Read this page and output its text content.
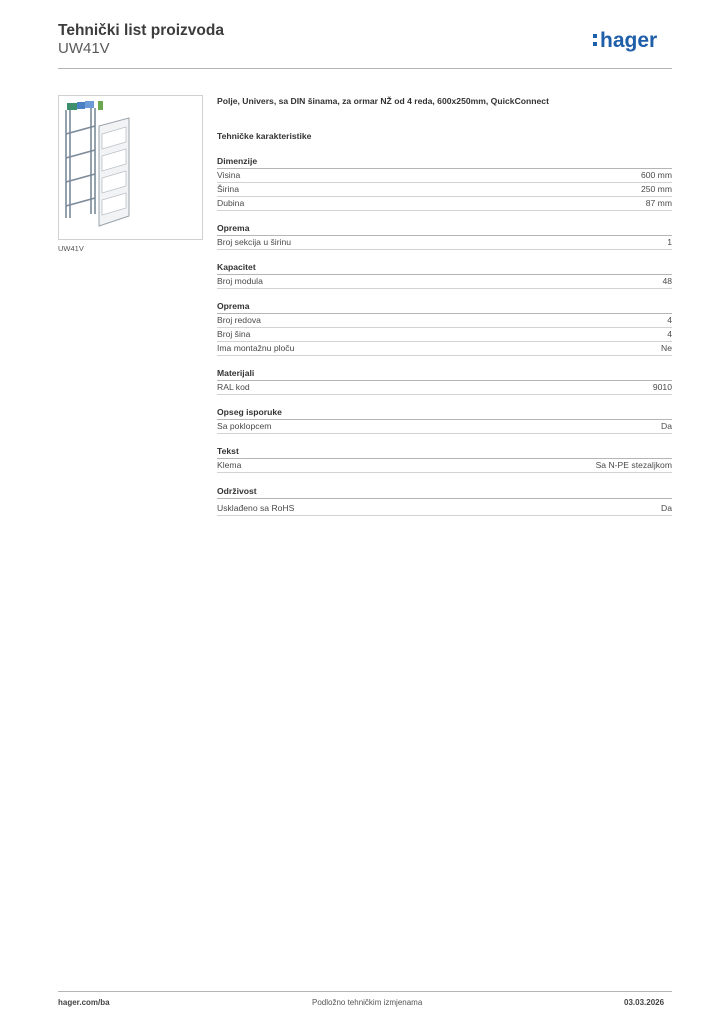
Tehnički list proizvoda
UW41V	hager
UW41V
Polje, Univers, sa DIN šinama, za ormar NŽ od 4 reda, 600x250mm, QuickConnect
Tehničke karakteristike
Dimenzije
Visina	600 mm
Širina	250 mm
Dubina	87 mm
Oprema
Broj sekcija u širinu	1
Kapacitet
Broj modula	48
Oprema
Broj redova	4
Broj šina	4
Ima montažnu ploču	Ne
Materijali
RAL kod	9010
Opseg isporuke
Sa poklopcem	Da
Tekst
Klema	Sa N-PE stezaljkom
Održivost
Usklađeno sa RoHS	Da
hager.com/ba	Podložno tehničkim izmjenama	03.03.2026
